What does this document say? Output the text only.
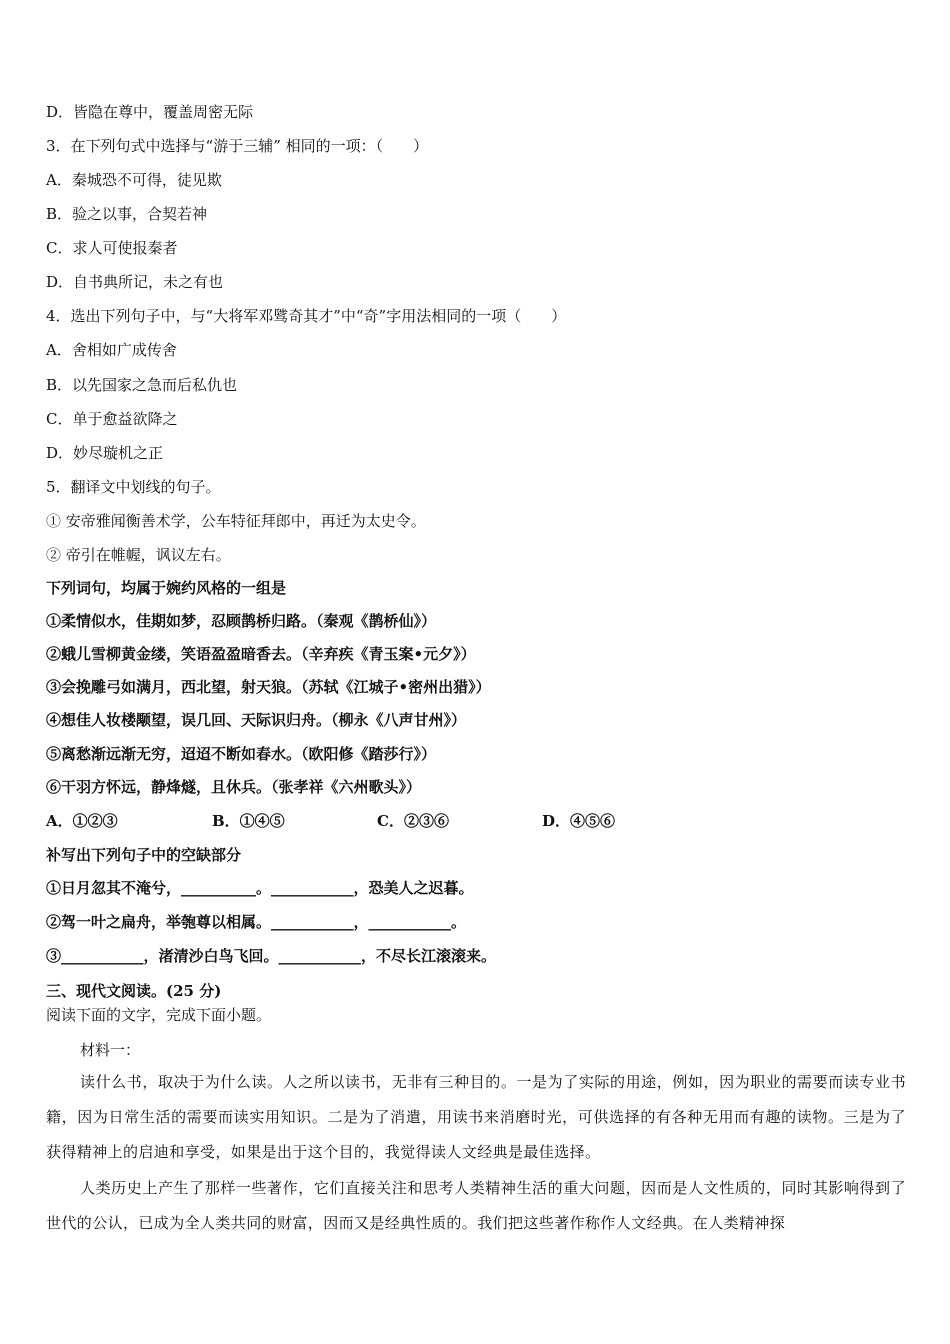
D．皆隐在尊中，覆盖周密无际
3．在下列句式中选择与“游于三辅” 相同的一项：（　　）
A．秦城恐不可得，徒见欺
B．验之以事，合契若神
C．求人可使报秦者
D．自书典所记，未之有也
4．选出下列句子中，与“大将军邓骘奇其才”中“奇”字用法相同的一项（　　）
A．舍相如广成传舍
B．以先国家之急而后私仇也
C．单于愈益欲降之
D．妙尽璇机之正
5．翻译文中划线的句子。
① 安帝雅闻衡善术学，公车特征拜郎中，再迁为太史令。
② 帝引在帷幄，讽议左右。
下列词句，均属于婉约风格的一组是
①柔情似水，佳期如梦，忍顾鹊桥归路。（秦观《鹊桥仙》）
②蛾儿雪柳黄金缕，笑语盈盈暗香去。（辛弃疾《青玉案•元夕》）
③会挽雕弓如满月，西北望，射天狼。（苏轼《江城子•密州出猎》）
④想佳人妆楼颙望，误几回、天际识归舟。（柳永《八声甘州》）
⑤离愁渐远渐无穷，迢迢不断如春水。（欧阳修《踏莎行》）
⑥干羽方怀远，静烽燧，且休兵。（张孝祥《六州歌头》）
A．①②③	B．①④⑤	C．②③⑥	D．④⑤⑥
补写出下列句子中的空缺部分
①日月忽其不淹兮，__________。___________，恐美人之迟暮。
②驾一叶之扁舟，举匏尊以相属。___________，___________。
③___________，渚清沙白鸟飞回。___________，不尽长江滚滚来。
三、现代文阅读。(25 分)
阅读下面的文字，完成下面小题。
材料一：
读什么书，取决于为什么读。人之所以读书，无非有三种目的。一是为了实际的用途，例如，因为职业的需要而读专业书籍，因为日常生活的需要而读实用知识。二是为了消遣，用读书来消磨时光，可供选择的有各种无用而有趣的读物。三是为了获得精神上的启迪和享受，如果是出于这个目的，我觉得读人文经典是最佳选择。
人类历史上产生了那样一些著作，它们直接关注和思考人类精神生活的重大问题，因而是人文性质的，同时其影响得到了世代的公认，已成为全人类共同的财富，因而又是经典性质的。我们把这些著作称作人文经典。在人类精神探
